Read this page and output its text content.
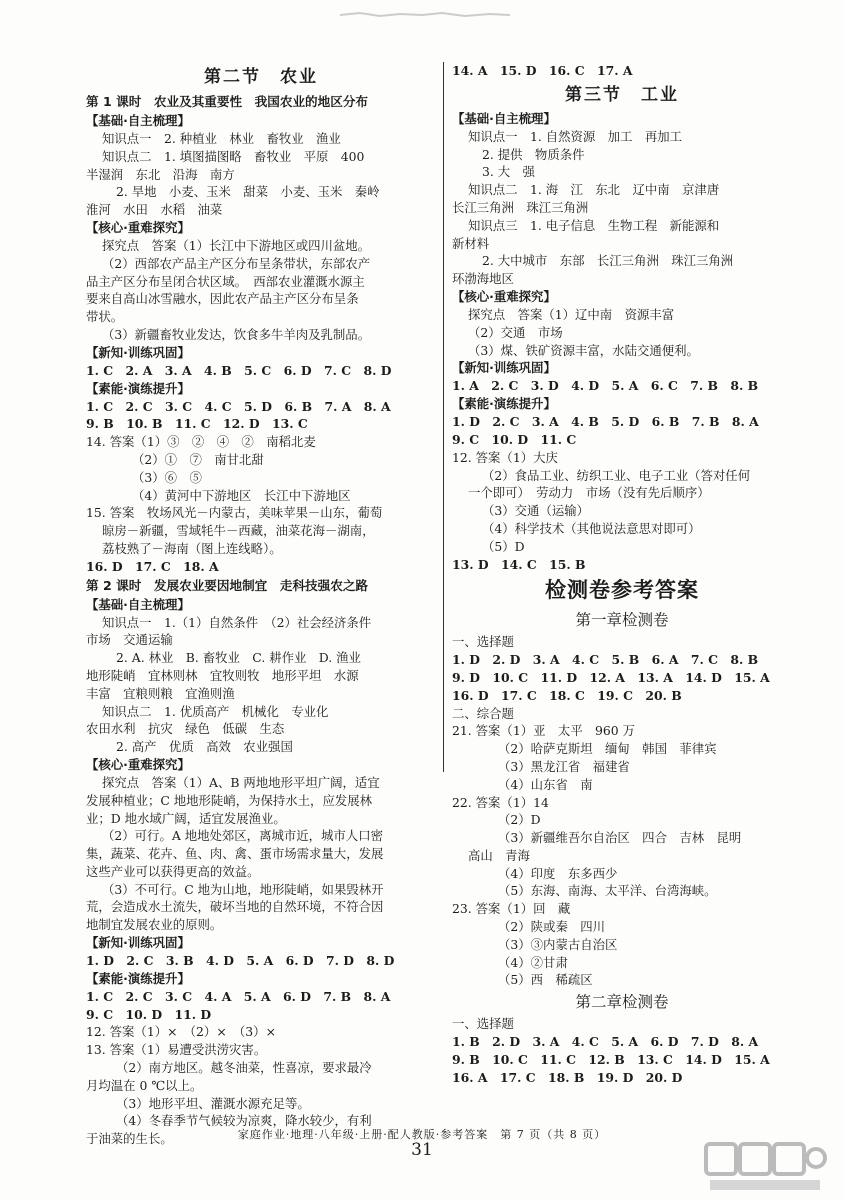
第二节　农业
第 1 课时　农业及其重要性　我国农业的地区分布
【基础·自主梳理】
知识点一　2. 种植业　林业　畜牧业　渔业
知识点二　1. 填图描图略　畜牧业　平原　400
半湿润　东北　沿海　南方
2. 旱地　小麦、玉米　甜菜　小麦、玉米　秦岭
淮河　水田　水稻　油菜
【核心·重难探究】
探究点　答案（1）长江中下游地区或四川盆地。
（2）西部农产品主产区分布呈条带状，东部农产
品主产区分布呈闭合状区域。　西部农业灌溉水源主
要来自高山冰雪融水，因此农产品主产区分布呈条
带状。
（3）新疆畜牧业发达，饮食多牛羊肉及乳制品。
【新知·训练巩固】
1. C　2. A　3. A　4. B　5. C　6. D　7. C　8. D
【素能·演练提升】
1. C　2. C　3. C　4. C　5. D　6. B　7. A　8. A
9. B　10. B　11. C　12. D　13. C
14. 答案（1）③　②　④　②　南稻北麦
（2）①　⑦　南甘北甜
（3）⑥　⑤
（4）黄河中下游地区　长江中下游地区
15. 答案　牧场风光－内蒙古，美味苹果－山东，葡萄
晾房－新疆，雪域牦牛－西藏，油菜花海－湖南，
荔枝熟了－海南（图上连线略）。
16. D　17. C　18. A
第 2 课时　发展农业要因地制宜　走科技强农之路
【基础·自主梳理】
知识点一　1.（1）自然条件　（2）社会经济条件
市场　交通运输
2. A. 林业　B. 畜牧业　C. 耕作业　D. 渔业
地形陡峭　宜林则林　宜牧则牧　地形平坦　水源
丰富　宜粮则粮　宜渔则渔
知识点二　1. 优质高产　机械化　专业化
农田水利　抗灾　绿色　低碳　生态
2. 高产　优质　高效　农业强国
【核心·重难探究】
探究点　答案（1）A、B 两地地形平坦广阔，适宜
发展种植业；C 地地形陡峭，为保持水土，应发展林
业；D 地水域广阔，适宜发展渔业。
（2）可行。A 地地处郊区，离城市近，城市人口密
集，蔬菜、花卉、鱼、肉、禽、蛋市场需求量大，发展
这些产业可以获得更高的效益。
（3）不可行。C 地为山地，地形陡峭，如果毁林开
荒，会造成水土流失，破坏当地的自然环境，不符合因
地制宜发展农业的原则。
【新知·训练巩固】
1. D　2. C　3. B　4. D　5. A　6. D　7. D　8. D
【素能·演练提升】
1. C　2. C　3. C　4. A　5. A　6. D　7. B　8. A
9. C　10. D　11. D
12. 答案（1）×　（2）×　（3）×
13. 答案（1）易遭受洪涝灾害。
（2）南方地区。越冬油菜，性喜凉，要求最冷
月均温在 0 ℃以上。
（3）地形平坦、灌溉水源充足等。
（4）冬春季节气候较为凉爽，降水较少，有利
于油菜的生长。
14. A　15. D　16. C　17. A
第三节　工业
【基础·自主梳理】
知识点一　1. 自然资源　加工　再加工
2. 提供　物质条件
3. 大　强
知识点二　1. 海　江　东北　辽中南　京津唐
长江三角洲　珠江三角洲
知识点三　1. 电子信息　生物工程　新能源和
新材料
2. 大中城市　东部　长江三角洲　珠江三角洲
环渤海地区
【核心·重难探究】
探究点　答案（1）辽中南　资源丰富
（2）交通　市场
（3）煤、铁矿资源丰富，水陆交通便利。
【新知·训练巩固】
1. A　2. C　3. D　4. D　5. A　6. C　7. B　8. B
【素能·演练提升】
1. D　2. C　3. A　4. B　5. D　6. B　7. B　8. A
9. C　10. D　11. C
12. 答案（1）大庆
（2）食品工业、纺织工业、电子工业（答对任何
一个即可）　劳动力　市场（没有先后顺序）
（3）交通（运输）
（4）科学技术（其他说法意思对即可）
（5）D
13. D　14. C　15. B
检测卷参考答案
第一章检测卷
一、选择题
1. D　2. D　3. A　4. C　5. B　6. A　7. C　8. B
9. D　10. C　11. D　12. A　13. A　14. D　15. A
16. D　17. C　18. C　19. C　20. B
二、综合题
21. 答案（1）亚　太平　960 万
（2）哈萨克斯坦　缅甸　韩国　菲律宾
（3）黑龙江省　福建省
（4）山东省　南
22. 答案（1）14
（2）D
（3）新疆维吾尔自治区　四合　吉林　昆明
高山　青海
（4）印度　东多西少
（5）东海、南海、太平洋、台湾海峡。
23. 答案（1）回　藏
（2）陕或秦　四川
（3）③内蒙古自治区
（4）②甘肃
（5）西　稀疏区
第二章检测卷
一、选择题
1. B　2. D　3. A　4. C　5. A　6. D　7. D　8. A
9. B　10. C　11. C　12. B　13. C　14. D　15. A
16. A　17. C　18. B　19. D　20. D
家庭作业·地理·八年级·上册·配人教版·参考答案　第 7 页（共 8 页）
31
